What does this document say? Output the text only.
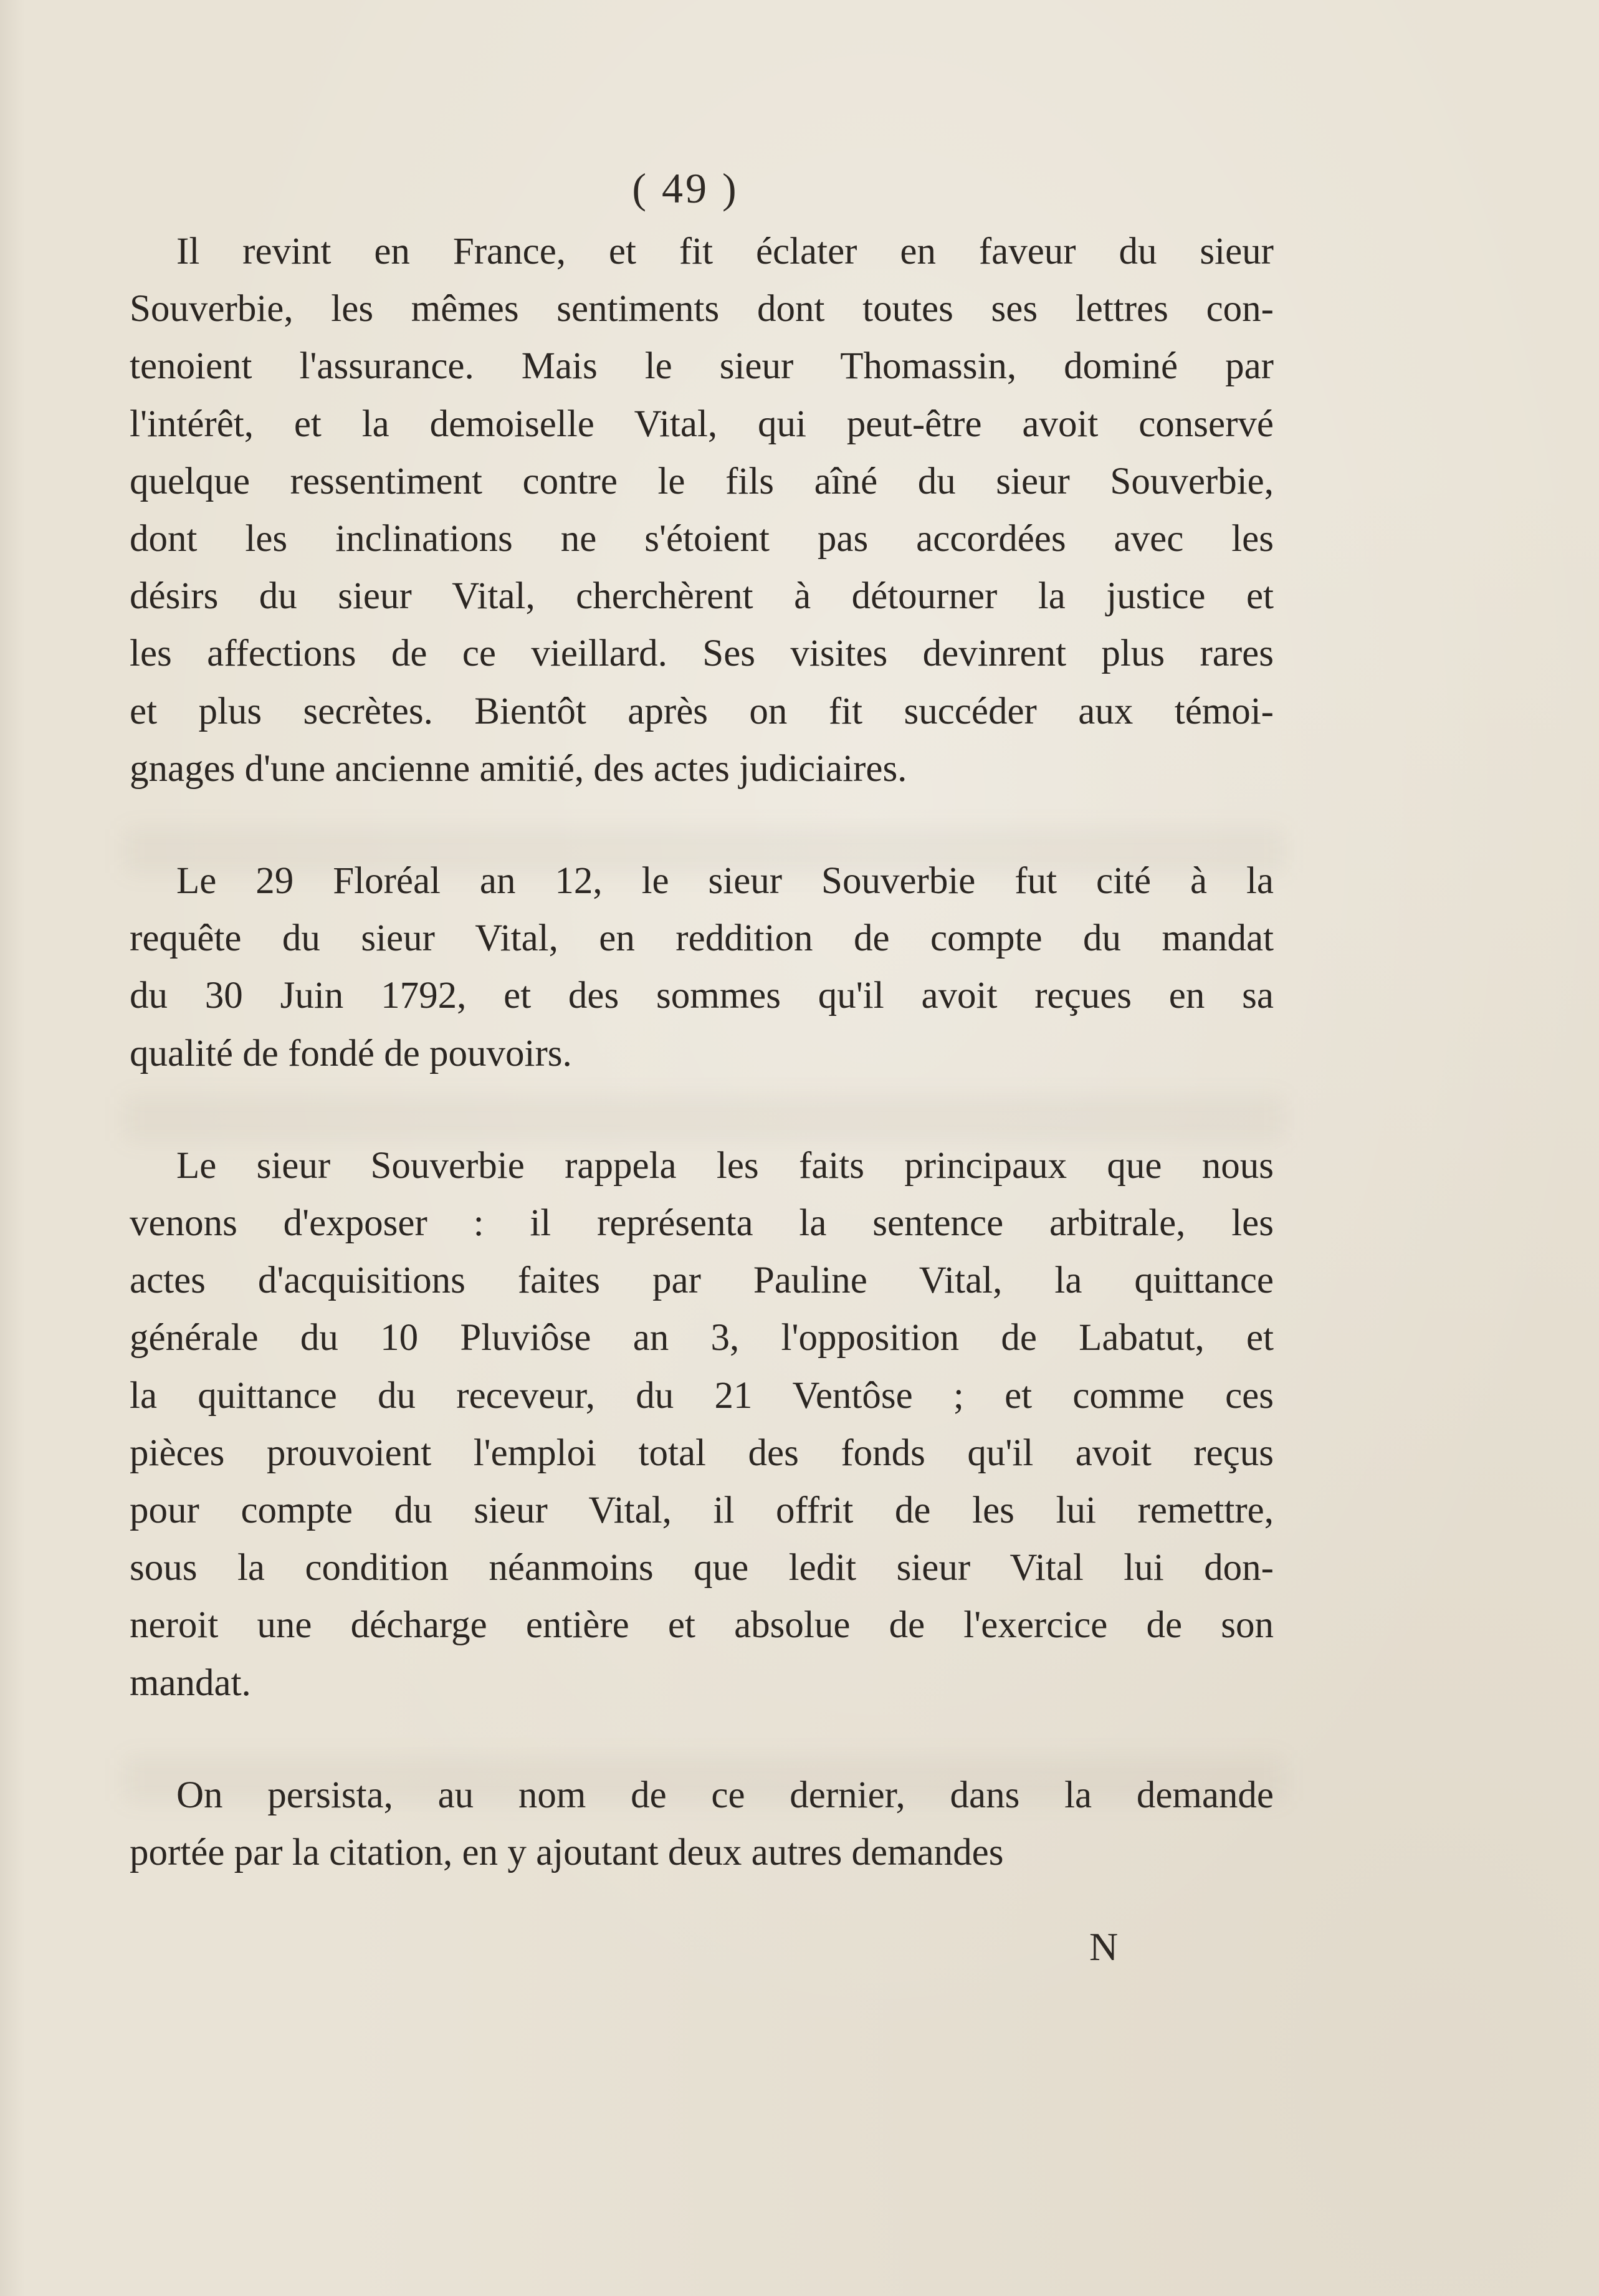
( 49 )

Il revint en France, et fit éclater en faveur du sieur
Souverbie, les mêmes sentiments dont toutes ses lettres con-
tenoient l'assurance. Mais le sieur Thomassin, dominé par
l'intérêt, et la demoiselle Vital, qui peut-être avoit conservé
quelque ressentiment contre le fils aîné du sieur Souverbie,
dont les inclinations ne s'étoient pas accordées avec les
désirs du sieur Vital, cherchèrent à détourner la justice et
les affections de ce vieillard. Ses visites devinrent plus rares
et plus secrètes. Bientôt après on fit succéder aux témoi-
gnages d'une ancienne amitié, des actes judiciaires.

Le 29 Floréal an 12, le sieur Souverbie fut cité à la
requête du sieur Vital, en reddition de compte du mandat
du 30 Juin 1792, et des sommes qu'il avoit reçues en sa
qualité de fondé de pouvoirs.

Le sieur Souverbie rappela les faits principaux que nous
venons d'exposer : il représenta la sentence arbitrale, les
actes d'acquisitions faites par Pauline Vital, la quittance
générale du 10 Pluviôse an 3, l'opposition de Labatut, et
la quittance du receveur, du 21 Ventôse ; et comme ces
pièces prouvoient l'emploi total des fonds qu'il avoit reçus
pour compte du sieur Vital, il offrit de les lui remettre,
sous la condition néanmoins que ledit sieur Vital lui don-
neroit une décharge entière et absolue de l'exercice de son
mandat.

On persista, au nom de ce dernier, dans la demande
portée par la citation, en y ajoutant deux autres demandes

N
